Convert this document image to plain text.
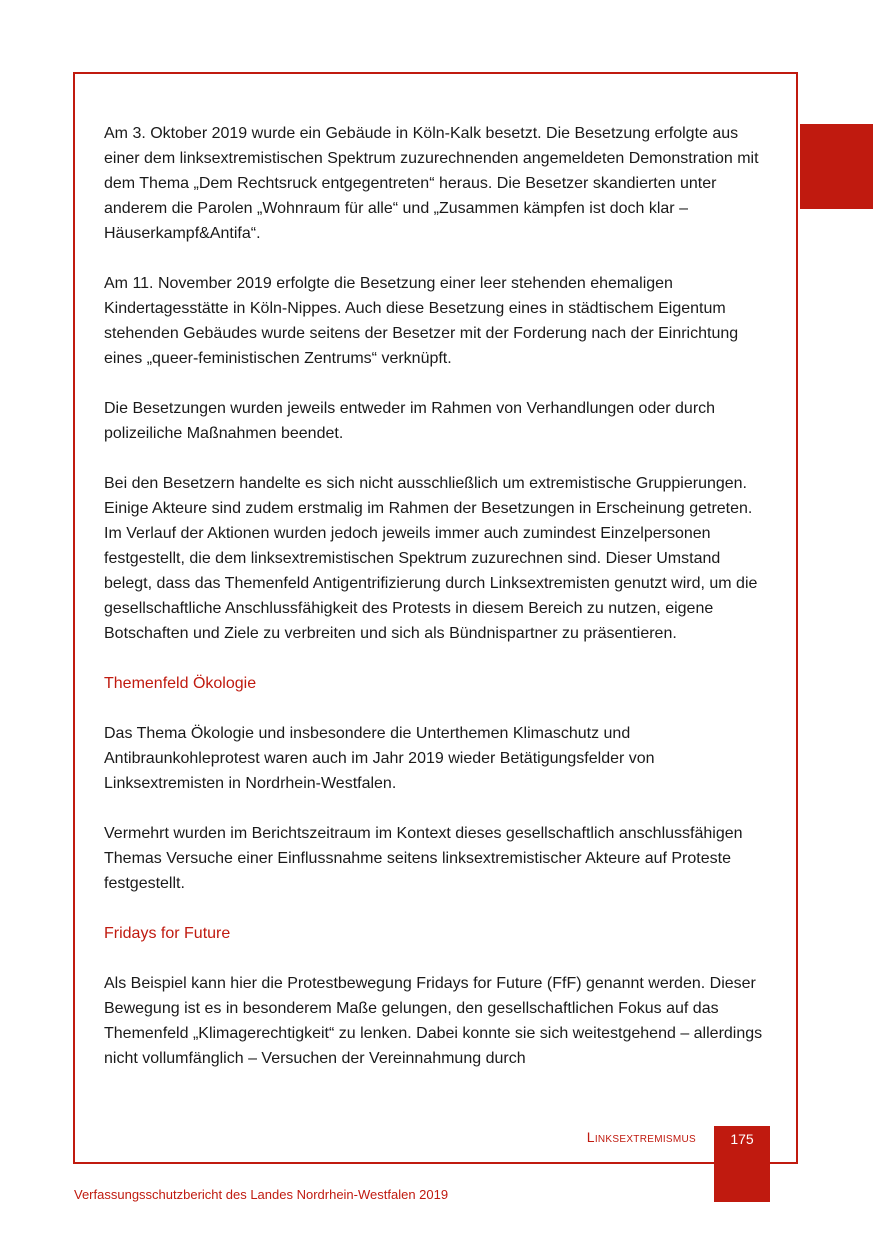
Am 3. Oktober 2019 wurde ein Gebäude in Köln-Kalk besetzt. Die Besetzung erfolgte aus einer dem linksextremistischen Spektrum zuzurechnenden angemeldeten Demonstration mit dem Thema „Dem Rechtsruck entgegentreten“ heraus. Die Besetzer skandierten unter anderem die Parolen „Wohnraum für alle“ und „Zusammen kämpfen ist doch klar – Häuserkampf&Antifa“.

Am 11. November 2019 erfolgte die Besetzung einer leer stehenden ehemaligen Kindertagesstätte in Köln-Nippes. Auch diese Besetzung eines in städtischem Eigentum stehenden Gebäudes wurde seitens der Besetzer mit der Forderung nach der Einrichtung eines „queer-feministischen Zentrums“ verknüpft.

Die Besetzungen wurden jeweils entweder im Rahmen von Verhandlungen oder durch polizeiliche Maßnahmen beendet.

Bei den Besetzern handelte es sich nicht ausschließlich um extremistische Gruppierungen. Einige Akteure sind zudem erstmalig im Rahmen der Besetzungen in Erscheinung getreten. Im Verlauf der Aktionen wurden jedoch jeweils immer auch zumindest Einzelpersonen festgestellt, die dem linksextremistischen Spektrum zuzurechnen sind. Dieser Umstand belegt, dass das Themenfeld Antigentrifizierung durch Linksextremisten genutzt wird, um die gesellschaftliche Anschlussfähigkeit des Protests in diesem Bereich zu nutzen, eigene Botschaften und Ziele zu verbreiten und sich als Bündnispartner zu präsentieren.

Themenfeld Ökologie

Das Thema Ökologie und insbesondere die Unterthemen Klimaschutz und Antibraunkohleprotest waren auch im Jahr 2019 wieder Betätigungsfelder von Linksextremisten in Nordrhein-Westfalen.

Vermehrt wurden im Berichtszeitraum im Kontext dieses gesellschaftlich anschlussfähigen Themas Versuche einer Einflussnahme seitens linksextremistischer Akteure auf Proteste festgestellt.

Fridays for Future

Als Beispiel kann hier die Protestbewegung Fridays for Future (FfF) genannt werden. Dieser Bewegung ist es in besonderem Maße gelungen, den gesellschaftlichen Fokus auf das Themenfeld „Klimagerechtigkeit“ zu lenken. Dabei konnte sie sich weitestgehend – allerdings nicht vollumfänglich – Versuchen der Vereinnahmung durch

Linksextremismus	175
Verfassungsschutzbericht des Landes Nordrhein-Westfalen 2019
